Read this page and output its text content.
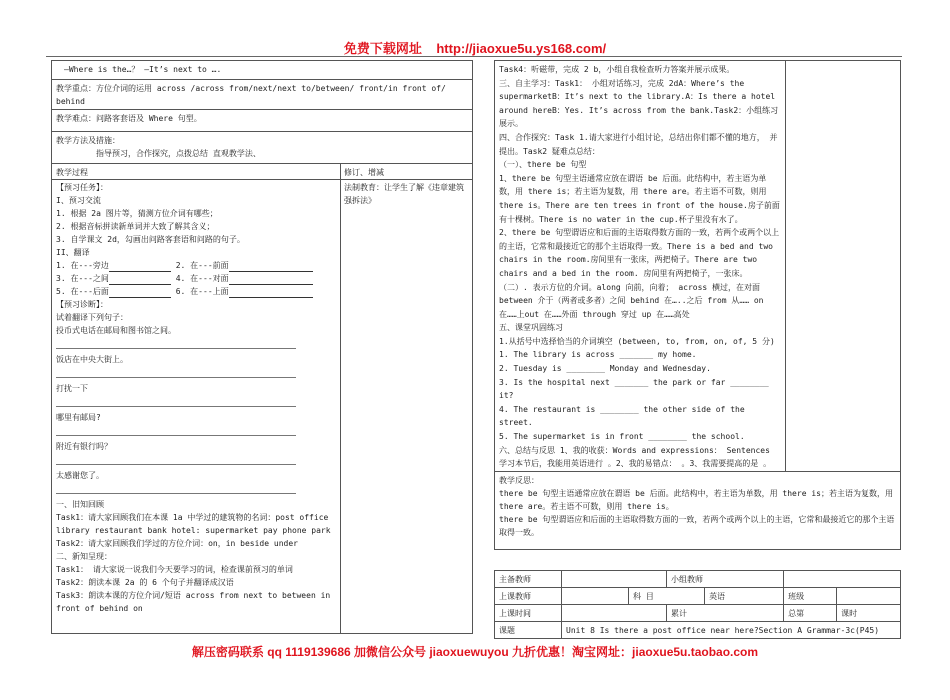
免费下载网址 http://jiaoxue5u.ys168.com/
—Where is the…？ —It’s next to ….
教学重点：方位介词的运用 across /across from/next/next to/between/ front/in front of/ behind
教学难点：问路客套语及 Where 句型。

教学方法及措施：

指导预习，合作探究，点拨总结 直观教学法、

教学过程	修订、增减
法制教育：让学生了解《违章建筑强拆法》

【预习任务】：

I、预习交流

1. 根据 2a 图片等，猜测方位介词有哪些；

2. 根据音标拼读新单词并大致了解其含义；

3. 自学课文 2d，勾画出问路客套语和问路的句子。

II、翻译

1. 在---旁边	2. 在---前面

3. 在---之间	4. 在---对面

5. 在---后面	6. 在---上面

【预习诊断】：

试着翻译下列句子：

投币式电话在邮局和图书馆之间。

饭店在中央大街上。

打扰一下

哪里有邮局?

附近有银行吗？

太感谢您了。

一、旧知回顾

Task1：请大家回顾我们在本课 1a 中学过的建筑物的名词：post office library restaurant bank hotel: supermarket pay phone park

Task2：请大家回顾我们学过的方位介词：on，in beside under

二、新知呈现：

Task1： 请大家说一说我们今天要学习的词，检查课前预习的单词

Task2：朗读本课 2a 的 6 个句子并翻译成汉语

Task3：朗读本课的方位介词/短语 across from next to between in front of behind on

Task4：听磁带，完成 2 b，小组自我检查听力答案并展示成果。

三、自主学习：Task1： 小组对话练习，完成 2dA：Where’s the supermarketB：It’s next to the library.A：Is there a hotel around hereB：Yes. It’s across from the bank.Task2：小组练习展示。

四、合作探究：Task 1.请大家进行小组讨论，总结出你们都不懂的地方， 并提出。Task2 疑难点总结：

（一）、there be 句型

1、there be 句型主语通常应放在谓语 be 后面。此结构中，若主语为单数，用 there is；若主语为复数，用 there are。若主语不可数，则用 there is。There are ten trees in front of the house.房子前面有十棵树。There is no water in the cup.杯子里没有水了。

2、there be 句型谓语应和后面的主语取得数方面的一致，若两个或两个以上的主语，它常和最接近它的那个主语取得一致。There is a bed and two chairs in the room.房间里有一张床，两把椅子。There are two chairs and a bed in the room. 房间里有两把椅子，一张床。

（二）. 表示方位的介词。along 向前，向着； across 横过，在对面 between 介于（两者或多者）之间 behind 在…..之后 from 从…… on 在……上out 在……外面 through 穿过 up 在……高处

五、课堂巩固练习

1.从括号中选择恰当的介词填空 (between, to, from, on, of, 5 分)

1. The library is across _______ my home.

2. Tuesday is ________ Monday and Wednesday.

3. Is the hospital next _______ the park or far ________ it?

4. The restaurant is ________ the other side of the street.

5. The supermarket is in front ________ the school.

六、总结与反思 1、我的收获：Words and expressions： Sentences 学习本节后，我能用英语进行 。2、我的易错点： 。3、我需要提高的是 。

教学反思：

there be 句型主语通常应放在谓语 be 后面。此结构中，若主语为单数，用 there is；若主语为复数，用 there are。若主语不可数，则用 there is。

there be 句型谓语应和后面的主语取得数方面的一致，若两个或两个以上的主语，它常和最接近它的那个主语取得一致。

主备教师			小组教师			
上课教师		科 目		英语	班级	
上课时间			累计		总第	课时
课题	Unit 8 Is there a post office near here?Section A Grammar-3c(P45)					
解压密码联系 qq 1119139686 加微信公众号 jiaoxuewuyou 九折优惠！淘宝网址：jiaoxue5u.taobao.com
